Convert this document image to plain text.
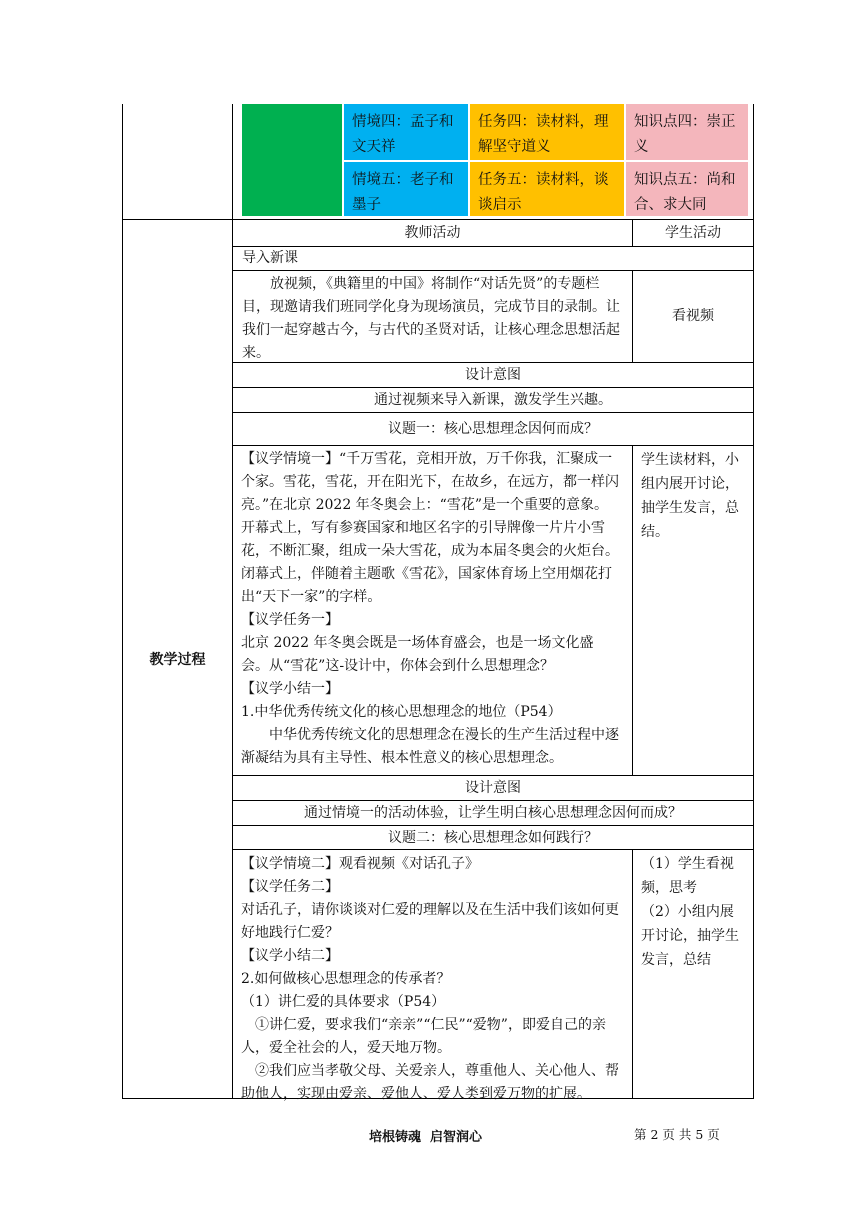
情境四：孟子和文天祥
任务四：读材料，理解坚守道义
知识点四：崇正义
情境五：老子和墨子
任务五：读材料，谈谈启示
知识点五：尚和合、求大同
教学过程
教师活动	学生活动
导入新课

放视频，《典籍里的中国》将制作“对话先贤”的专题栏目，现邀请我们班同学化身为现场演员，完成节目的录制。让我们一起穿越古今，与古代的圣贤对话，让核心理念思想活起来。

看视频
设计意图
通过视频来导入新课，激发学生兴趣。
议题一：核心思想理念因何而成？

【议学情境一】“千万雪花，竞相开放，万千你我，汇聚成一个家。雪花，雪花，开在阳光下，在故乡，在远方，都一样闪亮。”在北京 2022 年冬奥会上：“雪花”是一个重要的意象。开幕式上，写有参赛国家和地区名字的引导牌像一片片小雪花，不断汇聚，组成一朵大雪花，成为本届冬奥会的火炬台。闭幕式上，伴随着主题歌《雪花》，国家体育场上空用烟花打出“天下一家”的字样。

【议学任务一】

北京 2022 年冬奥会既是一场体育盛会，也是一场文化盛会。从“雪花”这-设计中，你体会到什么思想理念？

【议学小结一】

1.中华优秀传统文化的核心思想理念的地位（P54）

中华优秀传统文化的思想理念在漫长的生产生活过程中逐渐凝结为具有主导性、根本性意义的核心思想理念。

学生读材料，小组内展开讨论，抽学生发言，总结。
设计意图
通过情境一的活动体验，让学生明白核心思想理念因何而成？
议题二：核心思想理念如何践行？

【议学情境二】观看视频《对话孔子》

【议学任务二】

对话孔子，请你谈谈对仁爱的理解以及在生活中我们该如何更好地践行仁爱？

【议学小结二】

2.如何做核心思想理念的传承者？

（1）讲仁爱的具体要求（P54）

①讲仁爱，要求我们“亲亲”“仁民”“爱物”，即爱自己的亲人，爱全社会的人，爱天地万物。

②我们应当孝敬父母、关爱亲人，尊重他人、关心他人、帮助他人，实现由爱亲、爱他人、爱人类到爱万物的扩展。

（1）学生看视频，思考

（2）小组内展开讨论，抽学生发言，总结

培根铸魂  启智润心	第 2 页 共 5 页
